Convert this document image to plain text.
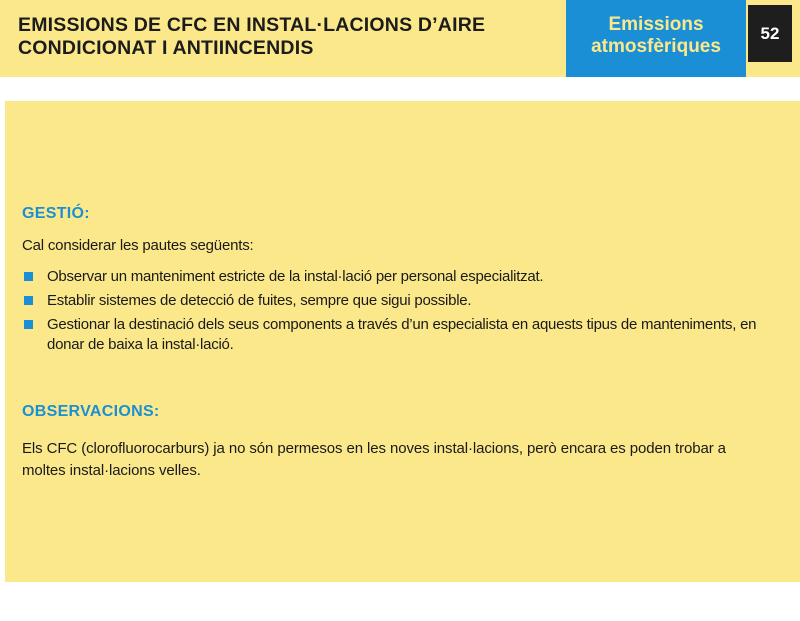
EMISSIONS DE CFC EN INSTAL·LACIONS D’AIRE
CONDICIONAT I ANTIINCENDIS
Emissions
atmosfèriques
52
GESTIÓ:
Cal considerar les pautes següents:
Observar un manteniment estricte de la instal·lació per personal especialitzat.
Establir sistemes de detecció de fuites, sempre que sigui possible.
Gestionar la destinació dels seus components a través d’un especialista en aquests tipus de manteniments, en donar de baixa la instal·lació.
OBSERVACIONS:
Els CFC (clorofluorocarburs) ja no són permesos en les noves instal·lacions, però encara es poden trobar a moltes instal·lacions velles.
